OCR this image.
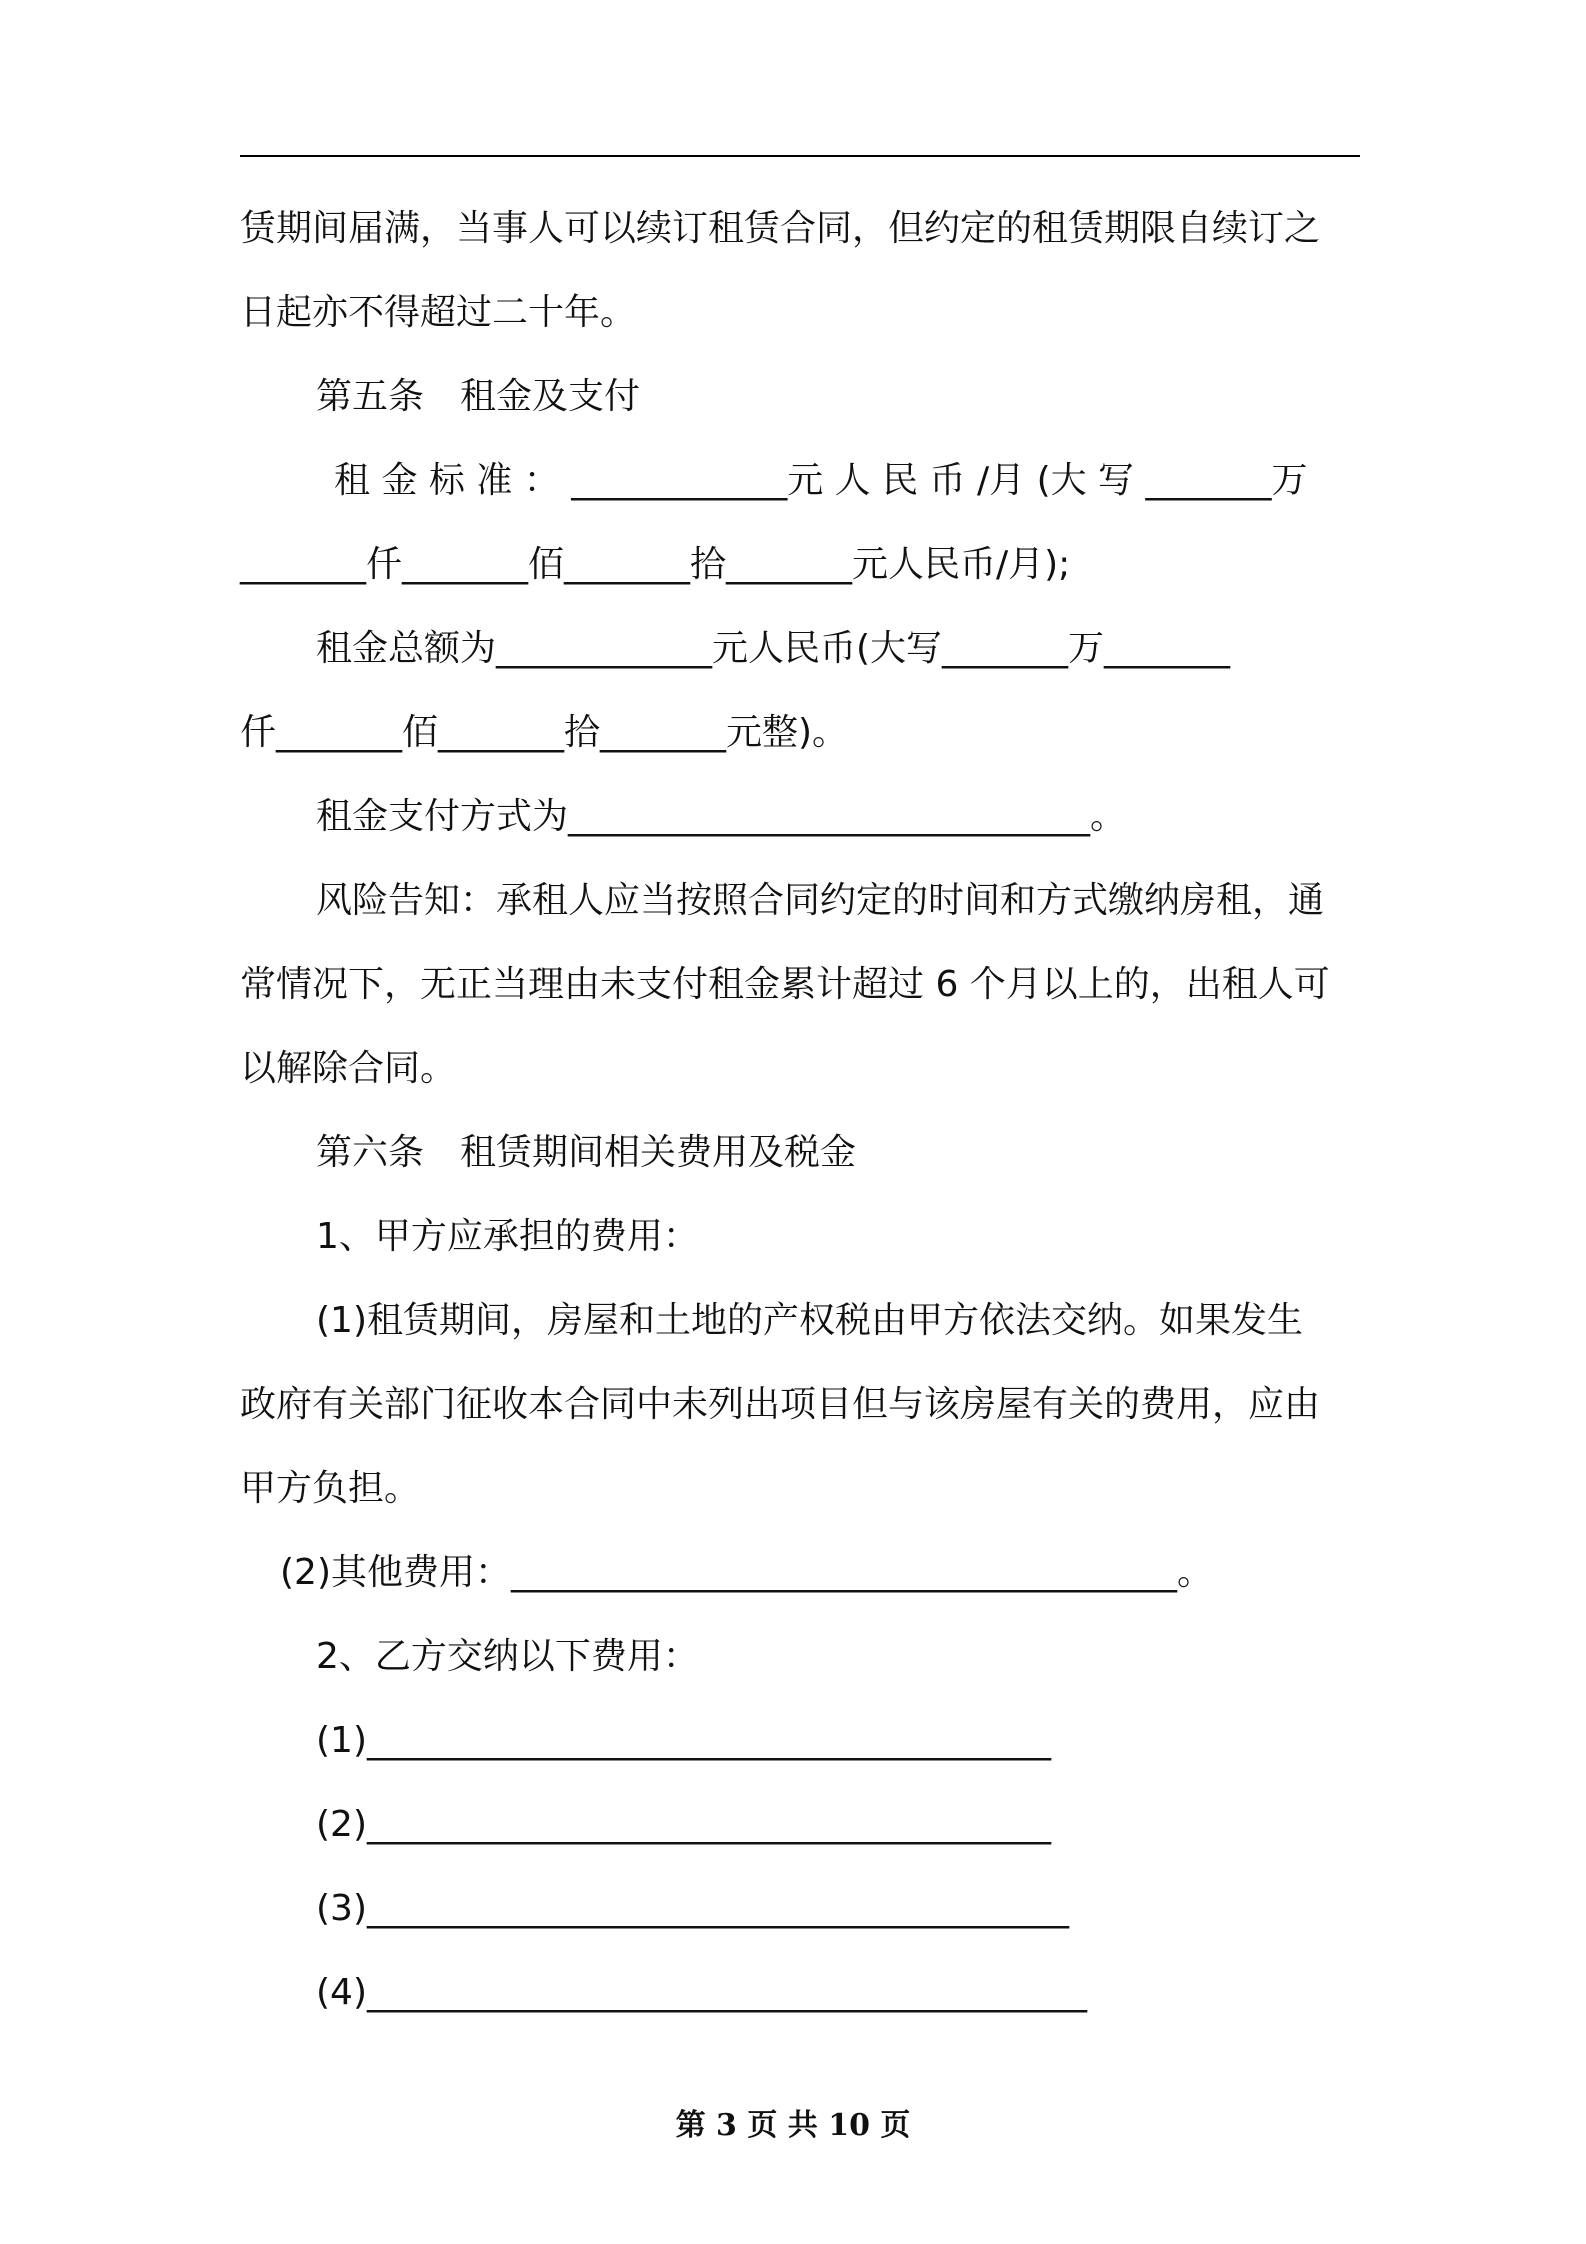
赁期间届满，当事人可以续订租赁合同，但约定的租赁期限自续订之
日起亦不得超过二十年。
第五条　租金及支付
租 金 标 准 ： ____________元 人 民 币 /月 (大 写 _______万
_______仟_______佰_______拾_______元人民币/月);
租金总额为____________元人民币(大写_______万_______
仟_______佰_______拾_______元整)。
租金支付方式为_____________________________。
风险告知：承租人应当按照合同约定的时间和方式缴纳房租，通
常情况下，无正当理由未支付租金累计超过 6 个月以上的，出租人可
以解除合同。
第六条　租赁期间相关费用及税金
1、甲方应承担的费用：
(1)租赁期间，房屋和土地的产权税由甲方依法交纳。如果发生
政府有关部门征收本合同中未列出项目但与该房屋有关的费用，应由
甲方负担。
(2)其他费用：_____________________________________。
2、乙方交纳以下费用：
(1)______________________________________
(2)______________________________________
(3)_______________________________________
(4)________________________________________
第 3 页 共 10 页
